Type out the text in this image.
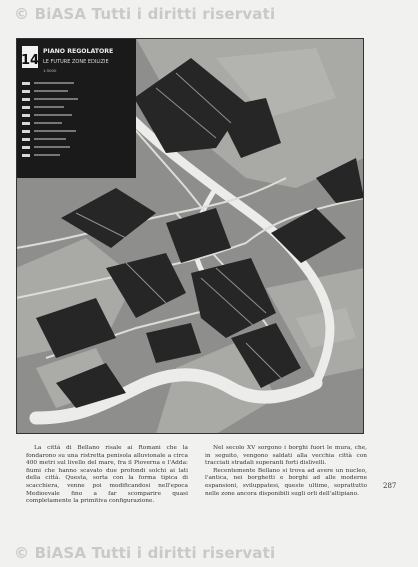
© BiASA Tutti i diritti riservati
14
PIANO REGOLATORE
LE FUTURE ZONE EDILIZIE
1:5000

La città di Bellano risale ai Romani che la fondarono su una ristretta penisola alluvionale a circa 400 metri sul livello del mare, fra il Pioverna e l'Adda: fiumi che hanno scavato due profondi solchi ai lati della città. Questa, sorta con la forma tipica di scacchiera, venne poi modificandosi nell'epoca Medioevale fino a far scomparire quasi completamente la primitiva configurazione.

Nel secolo XV sorgono i borghi fuori le mura, che, in seguito, vengono saldati alla vecchia città con tracciati stradali superanti forti dislivelli.

Recentemente Bellano si trova ad avere un nucleo, l'antica, nei borghetti e borghi ad alle moderne espansioni, sviluppatesi, queste ultime, soprattutto nelle zone ancora disponibili sugli orli dell'altipiano.

287
© BiASA Tutti i diritti riservati
